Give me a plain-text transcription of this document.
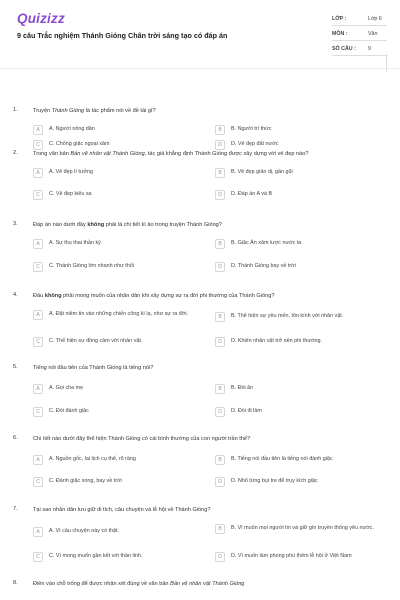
Quizizz
9 câu Trắc nghiệm Thánh Gióng Chân trời sáng tạo có đáp án
LỚP :	Lớp 6
MÔN :	Văn
SỐ CÂU : 9
1.	Truyện Thánh Gióng là tác phẩm nói về đề tài gì?
A	A. Người nông dân	B	B. Người trí thức
C	C. Chống giặc ngoại xâm	D	D. Vẻ đẹp đất nước
2.	Trong văn bản Bản vẽ nhân vật Thánh Gióng, tác giả khẳng định Thánh Gióng được xây dựng với vẻ đẹp nào?
A	A. Vẻ đẹp lí tưởng	B	B. Vẻ đẹp giản dị, gần gũi
C	C. Vẻ đẹp kiêu sa	D	D. Đáp án A và B
3.	Đáp án nào dưới đây không phải là chi tiết kì ảo trong truyện Thánh Gióng?
A	A. Sự thụ thai thần kỳ	B	B. Giặc Ân xâm lược nước ta
C	C. Thánh Gióng lớn nhanh như thổi	D	D. Thánh Gióng bay về trời
4.	Đâu không phải mong muốn của nhân dân khi xây dựng sự ra đời phi thường của Thánh Gióng?
A	A. Đặt niềm tin vào những chiến công kì lạ, như sự ra đời.	B	B. Thể hiện sự yêu mến, tôn kính với nhân vật.
C	C. Thể hiện sự đồng cảm với nhân vật.	D	D. Khiến nhân vật trở nên phi thường.
5.	Tiếng nói đầu tiên của Thánh Gióng là tiếng nói?
A	A. Gọi cha mẹ	B	B. Đòi ăn
C	C. Đòi đánh giặc	D	D. Đòi đi làm
6.	Chi tiết nào dưới đây thể hiện Thánh Gióng có cái bình thường của con người trần thế?
A	A. Nguồn gốc, lai lịch cụ thể, rõ ràng	B	B. Tiếng nói đầu tiên là tiếng nói đánh giặc
C	C. Đánh giặc xong, bay về trời	D	D. Nhổ từng bụi tre để trụy kích giặc
7.	Tại sao nhân dân lưu giữ di tích, câu chuyện và lễ hội về Thánh Gióng?
A	A. Vì câu chuyện này có thật.	B	B. Vì muốn mọi người tin và giữ gìn truyền thống yêu nước.
C	C. Vì mong muốn gần kết với thần linh.	D	D. Vì muốn làm phong phú thêm lễ hội ở Việt Nam
8.	Điền vào chỗ trống để được nhận xét đúng về văn bản Bản vẽ nhân vật Thánh Gióng
